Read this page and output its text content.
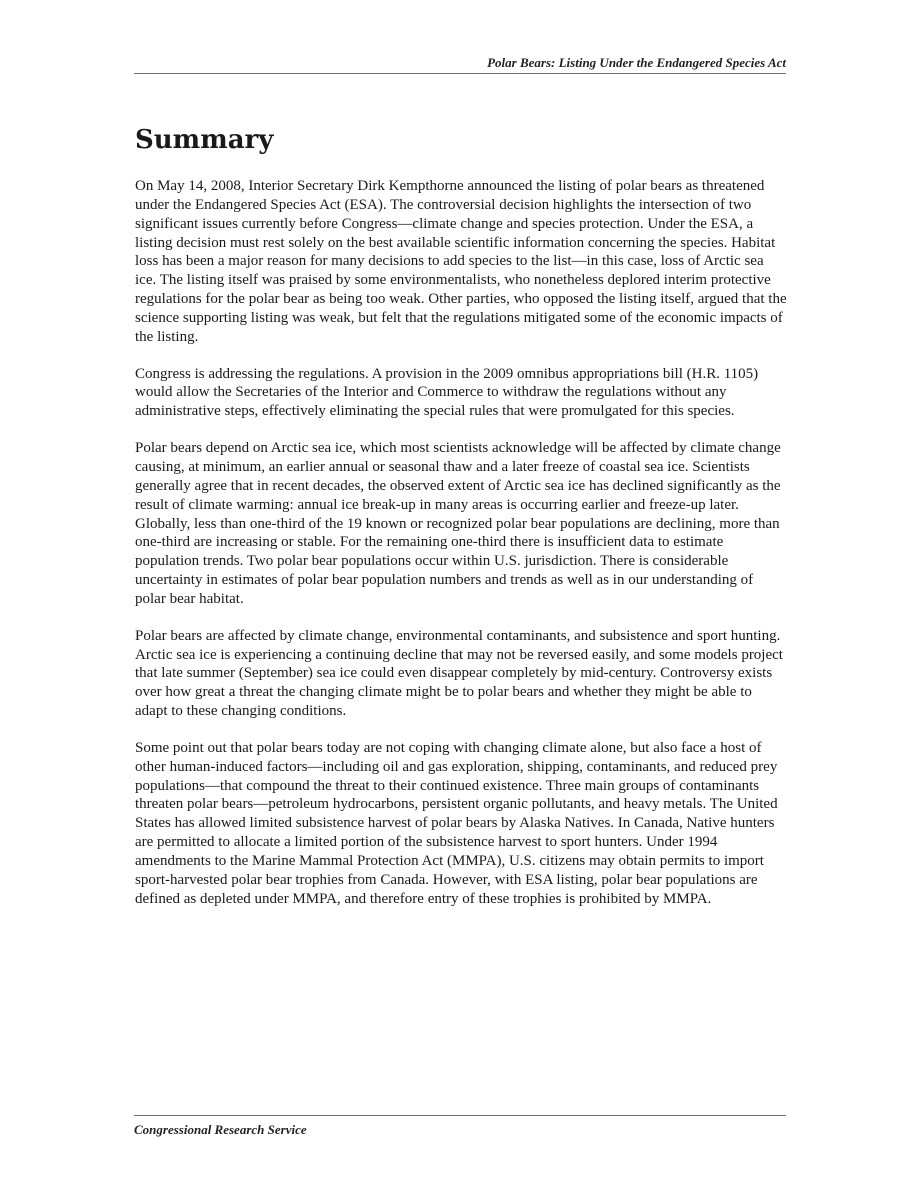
Polar Bears: Listing Under the Endangered Species Act
Summary

On May 14, 2008, Interior Secretary Dirk Kempthorne announced the listing of polar bears as threatened under the Endangered Species Act (ESA). The controversial decision highlights the intersection of two significant issues currently before Congress—climate change and species protection. Under the ESA, a listing decision must rest solely on the best available scientific information concerning the species. Habitat loss has been a major reason for many decisions to add species to the list—in this case, loss of Arctic sea ice. The listing itself was praised by some environmentalists, who nonetheless deplored interim protective regulations for the polar bear as being too weak. Other parties, who opposed the listing itself, argued that the science supporting listing was weak, but felt that the regulations mitigated some of the economic impacts of the listing.

Congress is addressing the regulations. A provision in the 2009 omnibus appropriations bill (H.R. 1105) would allow the Secretaries of the Interior and Commerce to withdraw the regulations without any administrative steps, effectively eliminating the special rules that were promulgated for this species.

Polar bears depend on Arctic sea ice, which most scientists acknowledge will be affected by climate change causing, at minimum, an earlier annual or seasonal thaw and a later freeze of coastal sea ice. Scientists generally agree that in recent decades, the observed extent of Arctic sea ice has declined significantly as the result of climate warming: annual ice break-up in many areas is occurring earlier and freeze-up later. Globally, less than one-third of the 19 known or recognized polar bear populations are declining, more than one-third are increasing or stable. For the remaining one-third there is insufficient data to estimate population trends. Two polar bear populations occur within U.S. jurisdiction. There is considerable uncertainty in estimates of polar bear population numbers and trends as well as in our understanding of polar bear habitat.

Polar bears are affected by climate change, environmental contaminants, and subsistence and sport hunting. Arctic sea ice is experiencing a continuing decline that may not be reversed easily, and some models project that late summer (September) sea ice could even disappear completely by mid-century. Controversy exists over how great a threat the changing climate might be to polar bears and whether they might be able to adapt to these changing conditions.

Some point out that polar bears today are not coping with changing climate alone, but also face a host of other human-induced factors—including oil and gas exploration, shipping, contaminants, and reduced prey populations—that compound the threat to their continued existence. Three main groups of contaminants threaten polar bears—petroleum hydrocarbons, persistent organic pollutants, and heavy metals. The United States has allowed limited subsistence harvest of polar bears by Alaska Natives. In Canada, Native hunters are permitted to allocate a limited portion of the subsistence harvest to sport hunters. Under 1994 amendments to the Marine Mammal Protection Act (MMPA), U.S. citizens may obtain permits to import sport-harvested polar bear trophies from Canada. However, with ESA listing, polar bear populations are defined as depleted under MMPA, and therefore entry of these trophies is prohibited by MMPA.

Congressional Research Service
